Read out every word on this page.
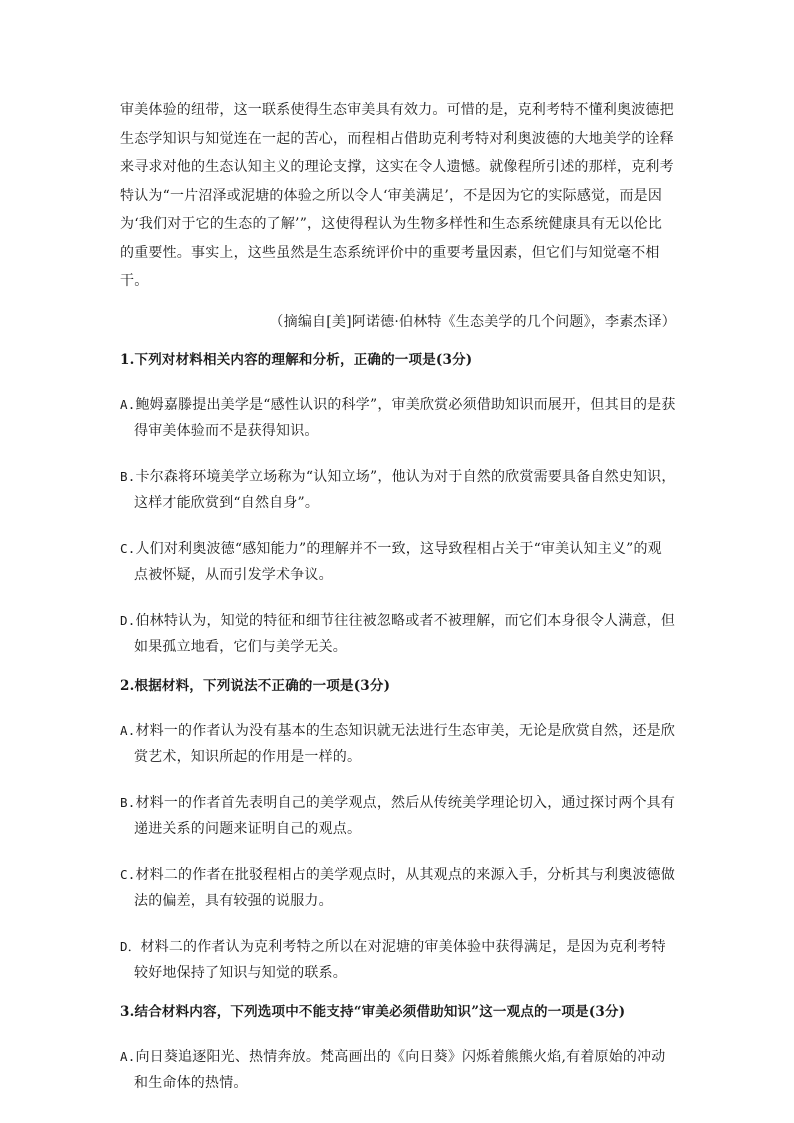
审美体验的纽带，这一联系使得生态审美具有效力。可惜的是，克利考特不懂利奥波德把生态学知识与知觉连在一起的苦心，而程相占借助克利考特对利奥波德的大地美学的诠释来寻求对他的生态认知主义的理论支撑，这实在令人遗憾。就像程所引述的那样，克利考特认为“一片沼泽或泥塘的体验之所以令人‘审美满足’，不是因为它的实际感觉，而是因为‘我们对于它的生态的了解’”，这使得程认为生物多样性和生态系统健康具有无以伦比的重要性。事实上，这些虽然是生态系统评价中的重要考量因素，但它们与知觉毫不相干。

（摘编自[美]阿诺德·伯林特《生态美学的几个问题》，李素杰译）

1.下列对材料相关内容的理解和分析，正确的一项是(3分)

A.鲍姆嘉滕提出美学是“感性认识的科学”，审美欣赏必须借助知识而展开，但其目的是获得审美体验而不是获得知识。

B.卡尔森将环境美学立场称为“认知立场”，他认为对于自然的欣赏需要具备自然史知识，这样才能欣赏到“自然自身”。

C.人们对利奥波德“感知能力”的理解并不一致，这导致程相占关于“审美认知主义”的观点被怀疑，从而引发学术争议。

D.伯林特认为，知觉的特征和细节往往被忽略或者不被理解，而它们本身很令人满意，但如果孤立地看，它们与美学无关。

2.根据材料，下列说法不正确的一项是(3分)

A.材料一的作者认为没有基本的生态知识就无法进行生态审美，无论是欣赏自然，还是欣赏艺术，知识所起的作用是一样的。

B.材料一的作者首先表明自己的美学观点，然后从传统美学理论切入，通过探讨两个具有递进关系的问题来证明自己的观点。

C.材料二的作者在批驳程相占的美学观点时，从其观点的来源入手，分析其与利奥波德做法的偏差，具有较强的说服力。

D．材料二的作者认为克利考特之所以在对泥塘的审美体验中获得满足，是因为克利考特较好地保持了知识与知觉的联系。

3.结合材料内容，下列选项中不能支持“审美必须借助知识”这一观点的一项是(3分)

A.向日葵追逐阳光、热情奔放。梵高画出的《向日葵》闪烁着熊熊火焰,有着原始的冲动和生命体的热情。
